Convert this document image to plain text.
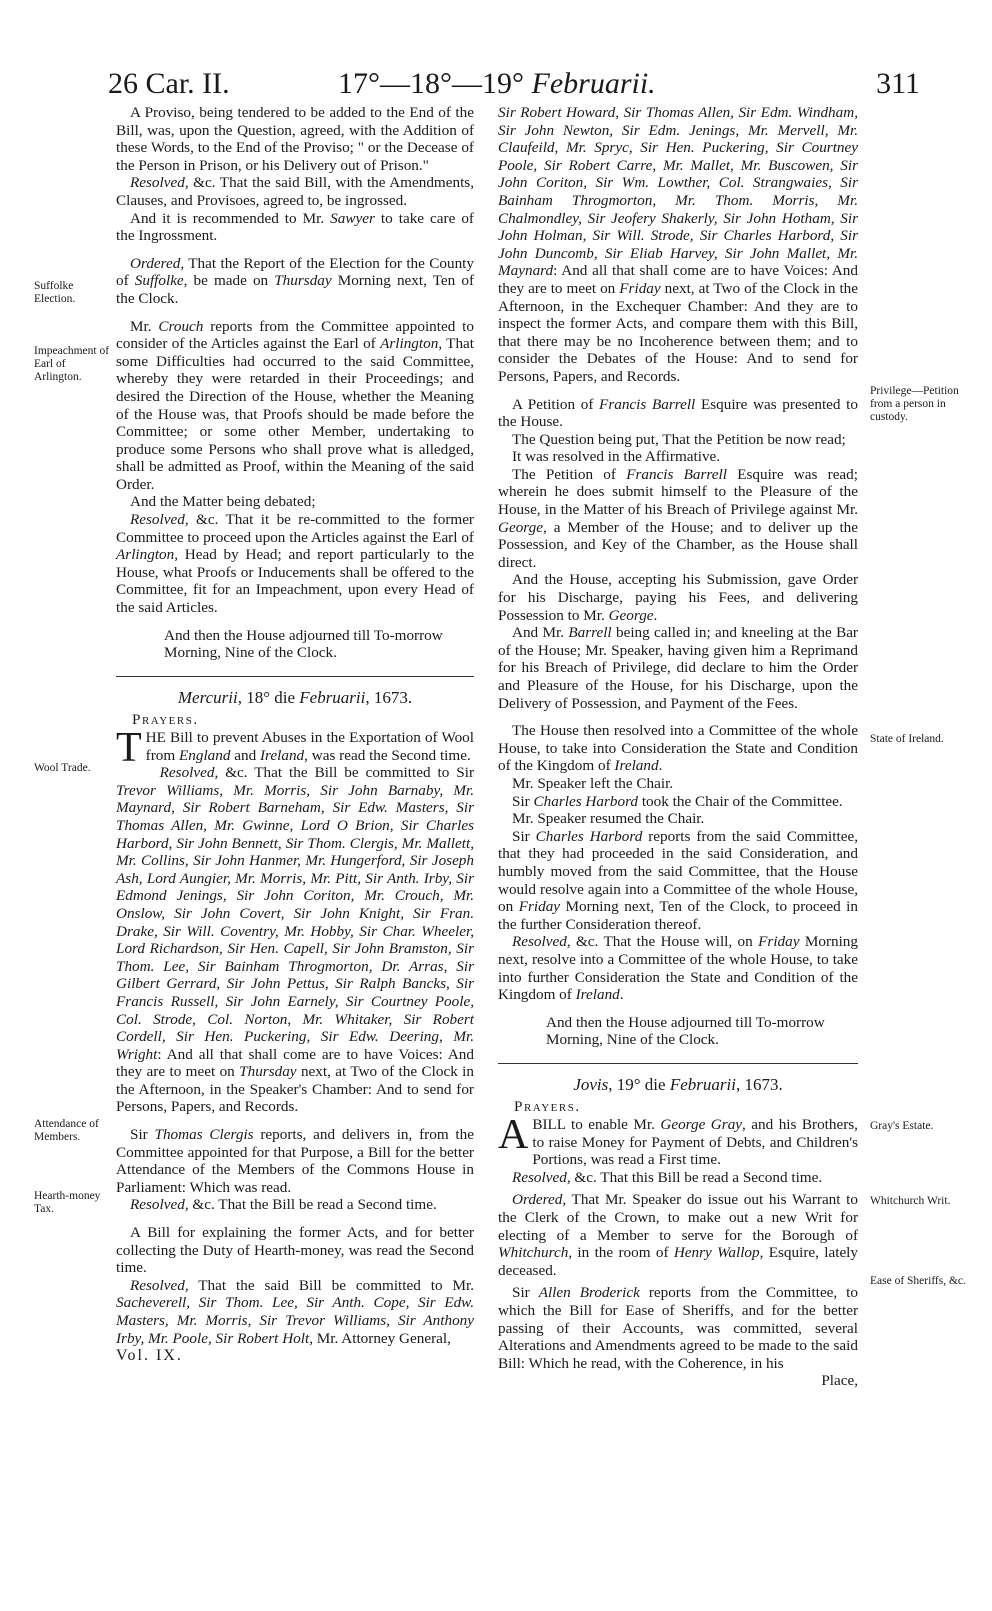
26 Car. II.	17°—18°—19° Februarii.	311

A Proviso, being tendered to be added to the End of the Bill, was, upon the Question, agreed, with the Addition of these Words, to the End of the Proviso; " or the Decease of the Person in Prison, or his Delivery out of Prison."

Resolved, &c. That the said Bill, with the Amendments, Clauses, and Provisoes, agreed to, be ingrossed.

And it is recommended to Mr. Sawyer to take care of the Ingrossment.

Ordered, That the Report of the Election for the County of Suffolke, be made on Thursday Morning next, Ten of the Clock.

Mr. Crouch reports from the Committee appointed to consider of the Articles against the Earl of Arlington, That some Difficulties had occurred to the said Committee, whereby they were retarded in their Proceedings; and desired the Direction of the House, whether the Meaning of the House was, that Proofs should be made before the Committee; or some other Member, undertaking to produce some Persons who shall prove what is alledged, shall be admitted as Proof, within the Meaning of the said Order.

And the Matter being debated;

Resolved, &c. That it be re-committed to the former Committee to proceed upon the Articles against the Earl of Arlington, Head by Head; and report particularly to the House, what Proofs or Inducements shall be offered to the Committee, fit for an Impeachment, upon every Head of the said Articles.

And then the House adjourned till To-morrow Morning, Nine of the Clock.

Mercurii, 18° die Februarii, 1673.

Prayers.

THE Bill to prevent Abuses in the Exportation of Wool from England and Ireland, was read the Second time.

Resolved, &c. That the Bill be committed to Sir Trevor Williams, Mr. Morris, Sir John Barnaby, Mr. Maynard, Sir Robert Barneham, Sir Edw. Masters, Sir Thomas Allen, Mr. Gwinne, Lord O Brion, Sir Charles Harbord, Sir John Bennett, Sir Thom. Clergis, Mr. Mallett, Mr. Collins, Sir John Hanmer, Mr. Hungerford, Sir Joseph Ash, Lord Aungier, Mr. Morris, Mr. Pitt, Sir Anth. Irby, Sir Edmond Jenings, Sir John Coriton, Mr. Crouch, Mr. Onslow, Sir John Covert, Sir John Knight, Sir Fran. Drake, Sir Will. Coventry, Mr. Hobby, Sir Char. Wheeler, Lord Richardson, Sir Hen. Capell, Sir John Bramston, Sir Thom. Lee, Sir Bainham Throgmorton, Dr. Arras, Sir Gilbert Gerrard, Sir John Pettus, Sir Ralph Bancks, Sir Francis Russell, Sir John Earnely, Sir Courtney Poole, Col. Strode, Col. Norton, Mr. Whitaker, Sir Robert Cordell, Sir Hen. Puckering, Sir Edw. Deering, Mr. Wright: And all that shall come are to have Voices: And they are to meet on Thursday next, at Two of the Clock in the Afternoon, in the Speaker's Chamber: And to send for Persons, Papers, and Records.

Sir Thomas Clergis reports, and delivers in, from the Committee appointed for that Purpose, a Bill for the better Attendance of the Members of the Commons House in Parliament: Which was read.

Resolved, &c. That the Bill be read a Second time.

A Bill for explaining the former Acts, and for better collecting the Duty of Hearth-money, was read the Second time.

Resolved, That the said Bill be committed to Mr. Sacheverell, Sir Thom. Lee, Sir Anth. Cope, Sir Edw. Masters, Mr. Morris, Sir Trevor Williams, Sir Anthony Irby, Mr. Poole, Sir Robert Holt, Mr. Attorney General,

Sir Robert Howard, Sir Thomas Allen, Sir Edm. Windham, Sir John Newton, Sir Edm. Jenings, Mr. Mervell, Mr. Claufeild, Mr. Spryc, Sir Hen. Puckering, Sir Courtney Poole, Sir Robert Carre, Mr. Mallet, Mr. Buscowen, Sir John Coriton, Sir Wm. Lowther, Col. Strangwaies, Sir Bainham Throgmorton, Mr. Thom. Morris, Mr. Chalmondley, Sir Jeofery Shakerly, Sir John Hotham, Sir John Holman, Sir Will. Strode, Sir Charles Harbord, Sir John Duncomb, Sir Eliab Harvey, Sir John Mallet, Mr. Maynard: And all that shall come are to have Voices: And they are to meet on Friday next, at Two of the Clock in the Afternoon, in the Exchequer Chamber: And they are to inspect the former Acts, and compare them with this Bill, that there may be no Incoherence between them; and to consider the Debates of the House: And to send for Persons, Papers, and Records.

A Petition of Francis Barrell Esquire was presented to the House.

The Question being put, That the Petition be now read;

It was resolved in the Affirmative.

The Petition of Francis Barrell Esquire was read; wherein he does submit himself to the Pleasure of the House, in the Matter of his Breach of Privilege against Mr. George, a Member of the House; and to deliver up the Possession, and Key of the Chamber, as the House shall direct.

And the House, accepting his Submission, gave Order for his Discharge, paying his Fees, and delivering Possession to Mr. George.

And Mr. Barrell being called in; and kneeling at the Bar of the House; Mr. Speaker, having given him a Reprimand for his Breach of Privilege, did declare to him the Order and Pleasure of the House, for his Discharge, upon the Delivery of Possession, and Payment of the Fees.

The House then resolved into a Committee of the whole House, to take into Consideration the State and Condition of the Kingdom of Ireland.

Mr. Speaker left the Chair.

Sir Charles Harbord took the Chair of the Committee.

Mr. Speaker resumed the Chair.

Sir Charles Harbord reports from the said Committee, that they had proceeded in the said Consideration, and humbly moved from the said Committee, that the House would resolve again into a Committee of the whole House, on Friday Morning next, Ten of the Clock, to proceed in the further Consideration thereof.

Resolved, &c. That the House will, on Friday Morning next, resolve into a Committee of the whole House, to take into further Consideration the State and Condition of the Kingdom of Ireland.

And then the House adjourned till To-morrow Morning, Nine of the Clock.

Jovis, 19° die Februarii, 1673.

Prayers.

A BILL to enable Mr. George Gray, and his Brothers, to raise Money for Payment of Debts, and Children's Portions, was read a First time.

Resolved, &c. That this Bill be read a Second time.

Ordered, That Mr. Speaker do issue out his Warrant to the Clerk of the Crown, to make out a new Writ for electing of a Member to serve for the Borough of Whitchurch, in the room of Henry Wallop, Esquire, lately deceased.

Sir Allen Broderick reports from the Committee, to which the Bill for Ease of Sheriffs, and for the better passing of their Accounts, was committed, several Alterations and Amendments agreed to be made to the said Bill: Which he read, with the Coherence, in his

Place,

Suffolke Election.
Impeachment of Earl of Arlington.
Wool Trade.
Attendance of Members.
Hearth-money Tax.
Privilege—Petition from a person in custody.
State of Ireland.
Gray's Estate.
Whitchurch Writ.
Ease of Sheriffs, &c.
Vol. IX.
